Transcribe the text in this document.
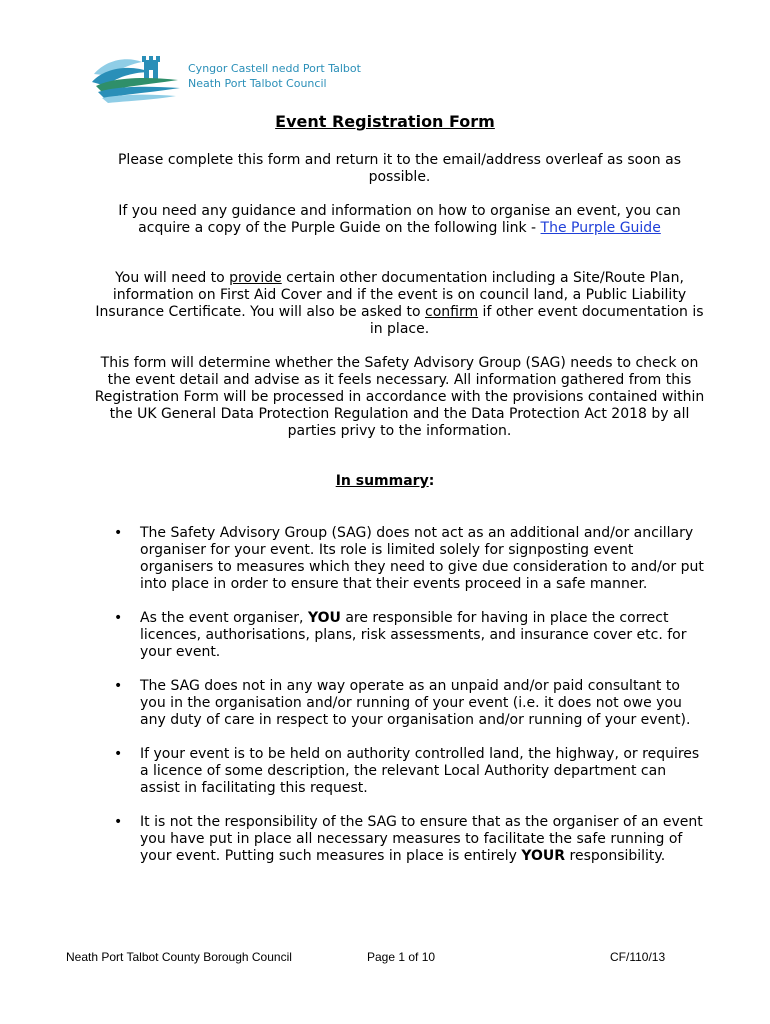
Cyngor Castell nedd Port Talbot
Neath Port Talbot Council
Event Registration Form
Please complete this form and return it to the email/address overleaf as soon as possible.
If you need any guidance and information on how to organise an event, you can acquire a copy of the Purple Guide on the following link - The Purple Guide
You will need to provide certain other documentation including a Site/Route Plan, information on First Aid Cover and if the event is on council land, a Public Liability Insurance Certificate. You will also be asked to confirm if other event documentation is in place.
This form will determine whether the Safety Advisory Group (SAG) needs to check on the event detail and advise as it feels necessary. All information gathered from this Registration Form will be processed in accordance with the provisions contained within the UK General Data Protection Regulation and the Data Protection Act 2018 by all parties privy to the information.
In summary:
• The Safety Advisory Group (SAG) does not act as an additional and/or ancillary organiser for your event. Its role is limited solely for signposting event organisers to measures which they need to give due consideration to and/or put into place in order to ensure that their events proceed in a safe manner.
• As the event organiser, YOU are responsible for having in place the correct licences, authorisations, plans, risk assessments, and insurance cover etc. for your event.
• The SAG does not in any way operate as an unpaid and/or paid consultant to you in the organisation and/or running of your event (i.e. it does not owe you any duty of care in respect to your organisation and/or running of your event).
• If your event is to be held on authority controlled land, the highway, or requires a licence of some description, the relevant Local Authority department can assist in facilitating this request.
• It is not the responsibility of the SAG to ensure that as the organiser of an event you have put in place all necessary measures to facilitate the safe running of your event. Putting such measures in place is entirely YOUR responsibility.
Neath Port Talbot County Borough Council	Page 1 of 10	CF/110/13
